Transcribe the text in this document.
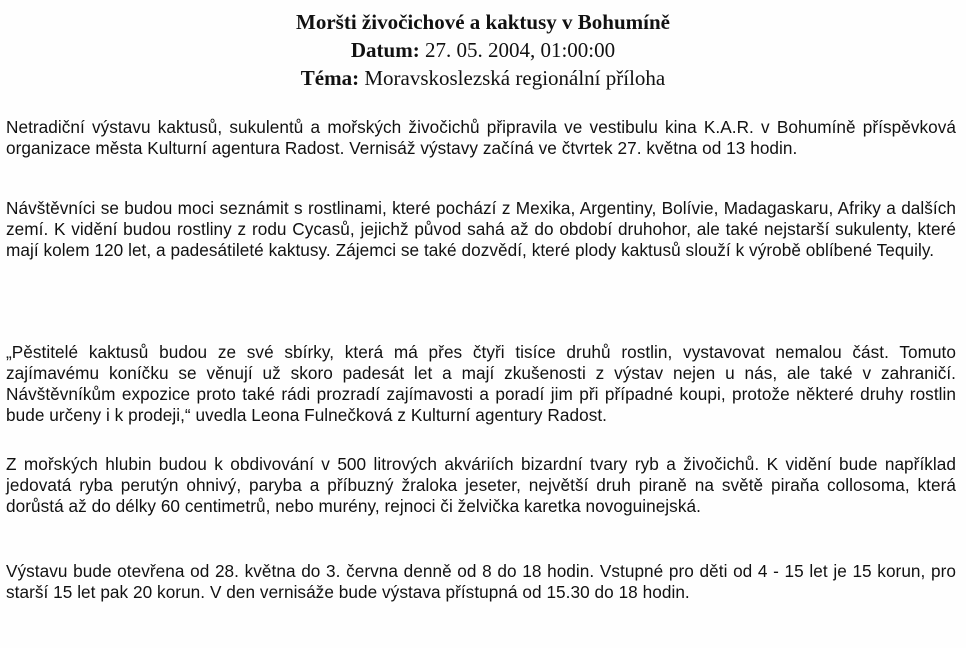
Moršti živočichové a kaktusy v Bohumíně
Datum: 27. 05. 2004, 01:00:00
Téma: Moravskoslezská regionální příloha

Netradiční výstavu kaktusů, sukulentů a mořských živočichů připravila ve vestibulu kina K.A.R. v Bohumíně příspěvková organizace města Kulturní agentura Radost. Vernisáž výstavy začíná ve čtvrtek 27. května od 13 hodin.

Návštěvníci se budou moci seznámit s rostlinami, které pochází z Mexika, Argentiny, Bolívie, Madagaskaru, Afriky a dalších zemí. K vidění budou rostliny z rodu Cycasů, jejichž původ sahá až do období druhohor, ale také nejstarší sukulenty, které mají kolem 120 let, a padesátileté kaktusy. Zájemci se také dozvědí, které plody kaktusů slouží k výrobě oblíbené Tequily.

„Pěstitelé kaktusů budou ze své sbírky, která má přes čtyři tisíce druhů rostlin, vystavovat nemalou část. Tomuto zajímavému koníčku se věnují už skoro padesát let a mají zkušenosti z výstav nejen u nás, ale také v zahraničí. Návštěvníkům expozice proto také rádi prozradí zajímavosti a poradí jim při případné koupi, protože některé druhy rostlin bude určeny i k prodeji,“ uvedla Leona Fulnečková z Kulturní agentury Radost.

Z mořských hlubin budou k obdivování v 500 litrových akváriích bizardní tvary ryb a živočichů. K vidění bude například jedovatá ryba perutýn ohnivý, paryba a příbuzný žraloka jeseter, největší druh piraně na světě piraňa collosoma, která dorůstá až do délky 60 centimetrů, nebo murény, rejnoci či želvička karetka novoguinejská.

Výstavu bude otevřena od 28. května do 3. června denně od 8 do 18 hodin. Vstupné pro děti od 4 - 15 let je 15 korun, pro starší 15 let pak 20 korun. V den vernisáže bude výstava přístupná od 15.30 do 18 hodin.
